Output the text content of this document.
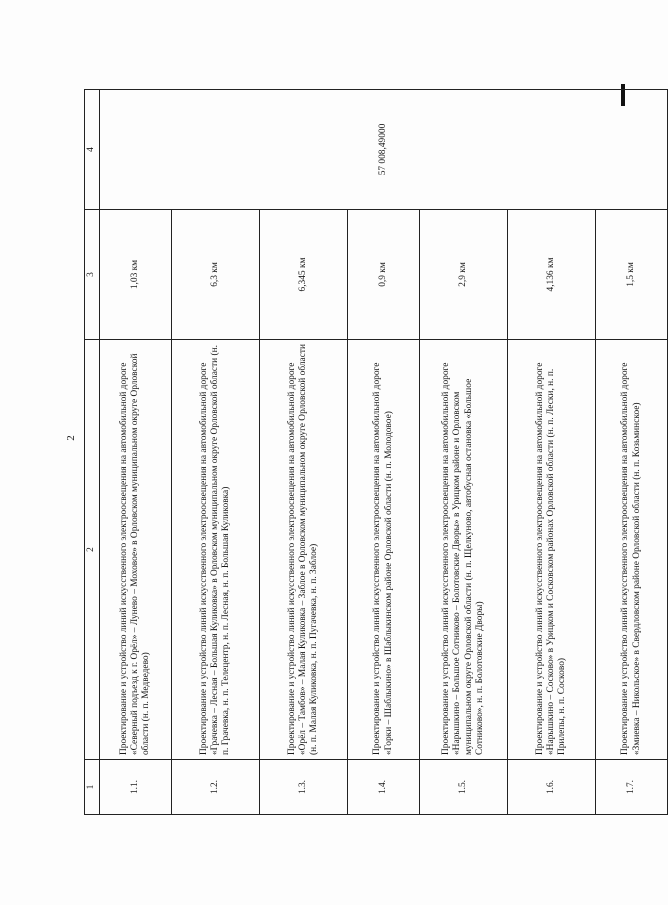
2
1	2	3	4
1.1.	Проектирование и устройство линий искусственного электроосвещения на автомобильной дороге «Северный подъезд к г. Орёл» – Лунево – Моховое» в Орловском муниципальном округе Орловской области (н. п. Медведево)	1,03 км	57 008,49000
1.2.	Проектирование и устройство линий искусственного электроосвещения на автомобильной дороге «Грачевка – Лесная – Большая Куликовка» в Орловском муниципальном округе Орловской области (н. п. Грачевка, н. п. Телецентр, н. п. Лесная, н. п. Большая Куликовка)	6,3 км	
1.3.	Проектирование и устройство линий искусственного электроосвещения на автомобильной дороге «Орёл – Тамбов» – Малая Куликовка – Заблое в Орловском муниципальном округе Орловской области (н. п. Малая Куликовка, н. п. Пугачевка, н. п. Заблое)	6,345 км	
1.4.	Проектирование и устройство линий искусственного электроосвещения на автомобильной дороге «Горки – Шаблыкино» в Шаблыкинском районе Орловской области (н. п. Молодовое)	0,9 км	
1.5.	Проектирование и устройство линий искусственного электроосвещения на автомобильной дороге «Нарышкино – Большое Сотниково – Болотовские Дворы» в Урицком районе и Орловском муниципальном округе Орловской области (н. п. Щелкуново, автобусная остановка «Большое Сотниково», н. п. Болотовские Дворы)	2,9 км	
1.6.	Проектирование и устройство линий искусственного электроосвещения на автомобильной дороге «Нарышкино – Сосково» в Урицком и Сосковском районах Орловской области (н. п. Лески, н. п. Прилепы, н. п. Сосково)	4,136 км	
1.7.	Проектирование и устройство линий искусственного электроосвещения на автомобильной дороге «Змиевка – Никольское» в Свердловском районе Орловской области (н. п. Козьминское)	1,5 км	
